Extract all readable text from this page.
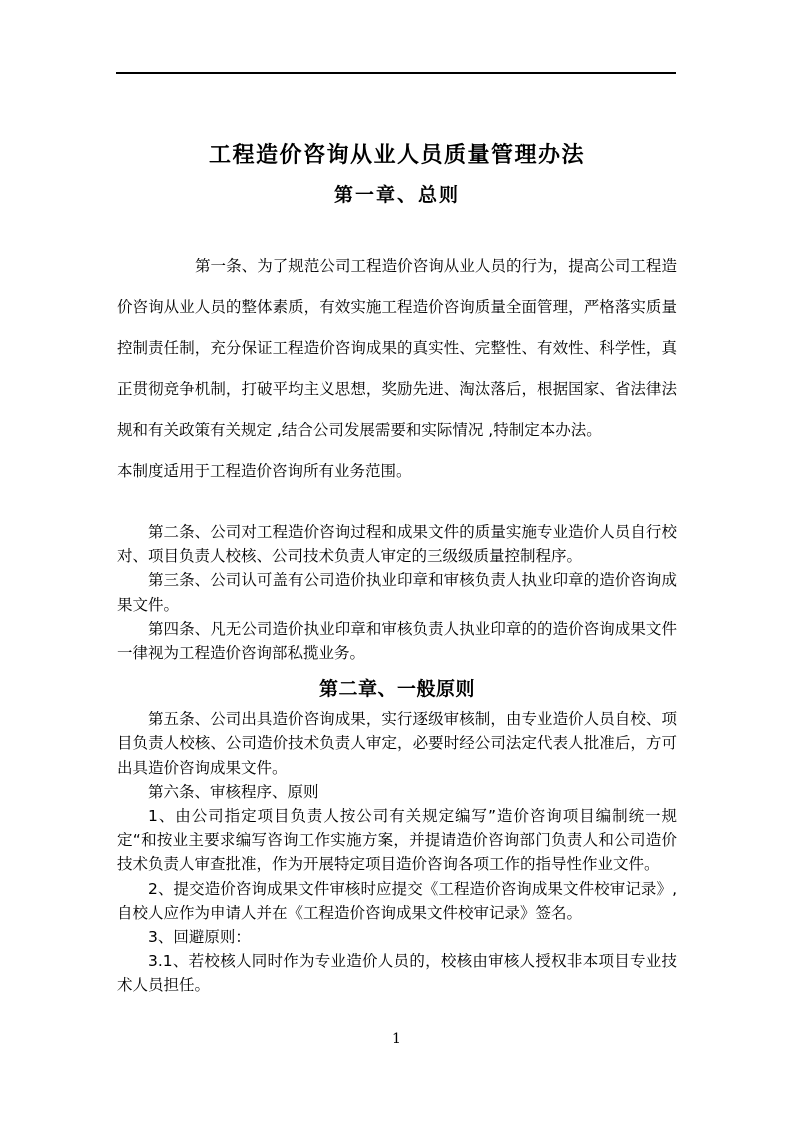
工程造价咨询从业人员质量管理办法
第一章、总则

第一条、为了规范公司工程造价咨询从业人员的行为，提高公司工程造价咨询从业人员的整体素质，有效实施工程造价咨询质量全面管理，严格落实质量控制责任制，充分保证工程造价咨询成果的真实性、完整性、有效性、科学性，真正贯彻竞争机制，打破平均主义思想，奖励先进、淘汰落后，根据国家、省法律法规和有关政策有关规定 ,结合公司发展需要和实际情况 ,特制定本办法。

本制度适用于工程造价咨询所有业务范围。

第二条、公司对工程造价咨询过程和成果文件的质量实施专业造价人员自行校对、项目负责人校核、公司技术负责人审定的三级级质量控制程序。

第三条、公司认可盖有公司造价执业印章和审核负责人执业印章的造价咨询成果文件。

第四条、凡无公司造价执业印章和审核负责人执业印章的的造价咨询成果文件一律视为工程造价咨询部私揽业务。

第二章、一般原则

第五条、公司出具造价咨询成果，实行逐级审核制，由专业造价人员自校、项目负责人校核、公司造价技术负责人审定，必要时经公司法定代表人批准后，方可出具造价咨询成果文件。

第六条、审核程序、原则

1、由公司指定项目负责人按公司有关规定编写”造价咨询项目编制统一规定“和按业主要求编写咨询工作实施方案，并提请造价咨询部门负责人和公司造价技术负责人审查批准，作为开展特定项目造价咨询各项工作的指导性作业文件。

2、提交造价咨询成果文件审核时应提交《工程造价咨询成果文件校审记录》, 自校人应作为申请人并在《工程造价咨询成果文件校审记录》签名。

3、回避原则：

3.1、若校核人同时作为专业造价人员的，校核由审核人授权非本项目专业技术人员担任。

1
